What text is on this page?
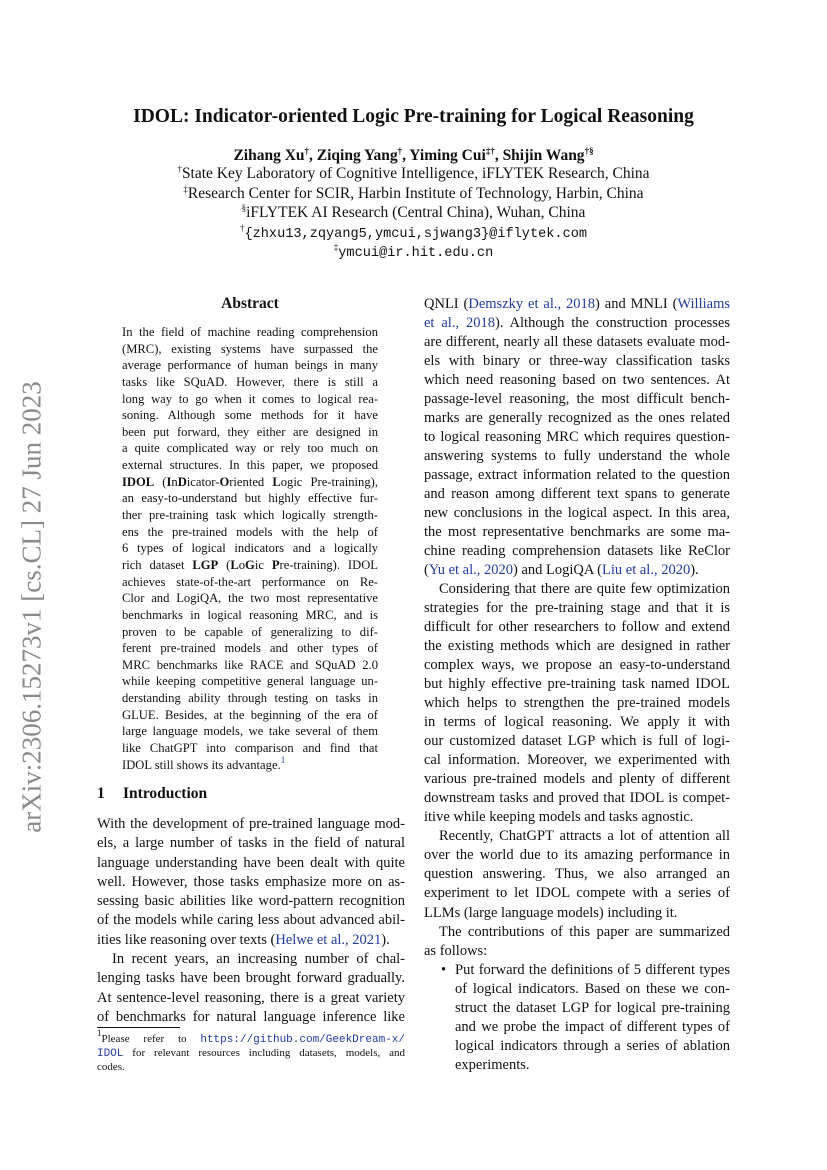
arXiv:2306.15273v1 [cs.CL] 27 Jun 2023
IDOL: Indicator-oriented Logic Pre-training for Logical Reasoning
Zihang Xu†, Ziqing Yang†, Yiming Cui‡†, Shijin Wang†§
†State Key Laboratory of Cognitive Intelligence, iFLYTEK Research, China
‡Research Center for SCIR, Harbin Institute of Technology, Harbin, China
§iFLYTEK AI Research (Central China), Wuhan, China
†{zhxu13,zqyang5,ymcui,sjwang3}@iflytek.com
‡ymcui@ir.hit.edu.cn
Abstract
In the field of machine reading comprehension
(MRC), existing systems have surpassed the
average performance of human beings in many
tasks like SQuAD. However, there is still a
long way to go when it comes to logical rea-
soning. Although some methods for it have
been put forward, they either are designed in
a quite complicated way or rely too much on
external structures. In this paper, we proposed
IDOL (InDicator-Oriented Logic Pre-training),
an easy-to-understand but highly effective fur-
ther pre-training task which logically strength-
ens the pre-trained models with the help of
6 types of logical indicators and a logically
rich dataset LGP (LoGic Pre-training). IDOL
achieves state-of-the-art performance on Re-
Clor and LogiQA, the two most representative
benchmarks in logical reasoning MRC, and is
proven to be capable of generalizing to dif-
ferent pre-trained models and other types of
MRC benchmarks like RACE and SQuAD 2.0
while keeping competitive general language un-
derstanding ability through testing on tasks in
GLUE. Besides, at the beginning of the era of
large language models, we take several of them
like ChatGPT into comparison and find that
IDOL still shows its advantage.$^1$
1 Introduction
With the development of pre-trained language mod-
els, a large number of tasks in the field of natural
language understanding have been dealt with quite
well. However, those tasks emphasize more on as-
sessing basic abilities like word-pattern recognition
of the models while caring less about advanced abil-
ities like reasoning over texts (Helwe et al., 2021).
In recent years, an increasing number of chal-
lenging tasks have been brought forward gradually.
At sentence-level reasoning, there is a great variety
of benchmarks for natural language inference like
QNLI (Demszky et al., 2018) and MNLI (Williams
et al., 2018). Although the construction processes
are different, nearly all these datasets evaluate mod-
els with binary or three-way classification tasks
which need reasoning based on two sentences. At
passage-level reasoning, the most difficult bench-
marks are generally recognized as the ones related
to logical reasoning MRC which requires question-
answering systems to fully understand the whole
passage, extract information related to the question
and reason among different text spans to generate
new conclusions in the logical aspect. In this area,
the most representative benchmarks are some ma-
chine reading comprehension datasets like ReClor
(Yu et al., 2020) and LogiQA (Liu et al., 2020).
Considering that there are quite few optimization
strategies for the pre-training stage and that it is
difficult for other researchers to follow and extend
the existing methods which are designed in rather
complex ways, we propose an easy-to-understand
but highly effective pre-training task named IDOL
which helps to strengthen the pre-trained models
in terms of logical reasoning. We apply it with
our customized dataset LGP which is full of logi-
cal information. Moreover, we experimented with
various pre-trained models and plenty of different
downstream tasks and proved that IDOL is compet-
itive while keeping models and tasks agnostic.
Recently, ChatGPT attracts a lot of attention all
over the world due to its amazing performance in
question answering. Thus, we also arranged an
experiment to let IDOL compete with a series of
LLMs (large language models) including it.
The contributions of this paper are summarized
as follows:
Put forward the definitions of 5 different types
•
of logical indicators. Based on these we con-
struct the dataset LGP for logical pre-training
and we probe the impact of different types of
logical indicators through a series of ablation
experiments.
$^1$Please refer to https://github.com/GeekDream-x/
IDOL for relevant resources including datasets, models, and
codes.
